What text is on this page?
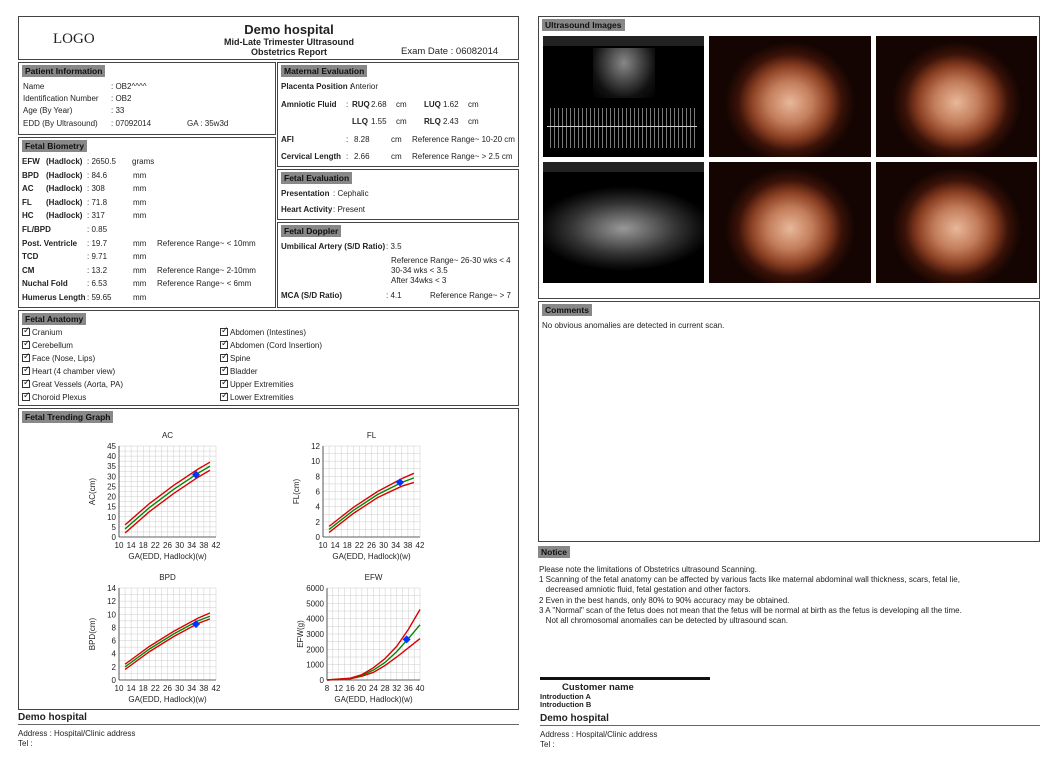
LOGO
Demo hospital
Mid-Late Trimester Ultrasound
Obstetrics Report	Exam Date : 06082014
Patient Information
Name	: OB2^^^^
Identification Number : OB2
Age (By Year)	: 33
EDD (By Ultrasound) : 07092014	GA : 35w3d
Maternal Evaluation
Placenta Position :
Anterior
Amniotic Fluid : RUQ 2.68 cm LUQ 1.62 cm
LLQ 1.55 cm RLQ 2.43 cm
AFI	: 8.28	cm Reference Range~ 10-20 cm
Cervical Length : 2.66	cm Reference Range~ > 2.5 cm
Fetal Biometry
EFW (Hadlock) : 2650.5 grams
BPD (Hadlock) : 84.6	mm
AC (Hadlock) : 308	mm
FL (Hadlock) : 71.8	mm
HC (Hadlock) : 317	mm
FL/BPD	: 0.85
Post. Ventricle : 19.7	mm Reference Range~ < 10mm
TCD	: 9.71	mm
CM	: 13.2	mm Reference Range~ 2-10mm
Nuchal Fold : 6.53	mm Reference Range~ < 6mm
Humerus Length : 59.65	mm
Fetal Evaluation
Presentation : Cephalic
Heart Activity : Present
Fetal Doppler
Umbilical Artery (S/D Ratio) : 3.5
Reference Range~ 26-30 wks < 4
30-34 wks < 3.5
After 34wks < 3
MCA (S/D Ratio)	: 4.1	Reference Range~ > 7
Fetal Anatomy
✓Cranium
✓Cerebellum
✓Face (Nose, Lips)
✓Heart (4 chamber view)
✓Great Vessels (Aorta, PA)
✓Choroid Plexus
✓Abdomen (Intestines)
✓Abdomen (Cord Insertion)
✓Spine
✓Bladder
✓Upper Extremities
✓Lower Extremities
Fetal Trending Graph
10 14 18 22 26 30 34 38 42
0
5
10
15
20
25
30
35
40
45
AC
GA(EDD, Hadlock)(w)
AC(cm)
10 14 18 22 26 30 34 38 42
0
2
4
6
8
10
12
FL
GA(EDD, Hadlock)(w)
FL(cm)
10 14 18 22 26 30 34 38 42
0
2
4
6
8
10
12
14
BPD
GA(EDD, Hadlock)(w)
BPD(cm)
8 12 16 20 24 28 32 36 40
0
1000
2000
3000
4000
5000
6000
EFW
GA(EDD, Hadlock)(w)
EFW(g)
Demo hospital
Address : Hospital/Clinic address
Tel :
Ultrasound Images
Comments
No obvious anomalies are detected in current scan.
Notice
Please note the limitations of Obstetrics ultrasound Scanning.
1 Scanning of the fetal anatomy can be affected by various facts like maternal abdominal wall thickness, scars, fetal lie,
decreased amniotic fluid, fetal gestation and other factors.
2 Even in the best hands, only 80% to 90% accuracy may be obtained.
3 A "Normal" scan of the fetus does not mean that the fetus will be normal at birth as the fetus is developing all the time.
Not all chromosomal anomalies can be detected by ultrasound scan.
Customer name
Introduction A
Introduction B
Demo hospital
Address : Hospital/Clinic address
Tel :
